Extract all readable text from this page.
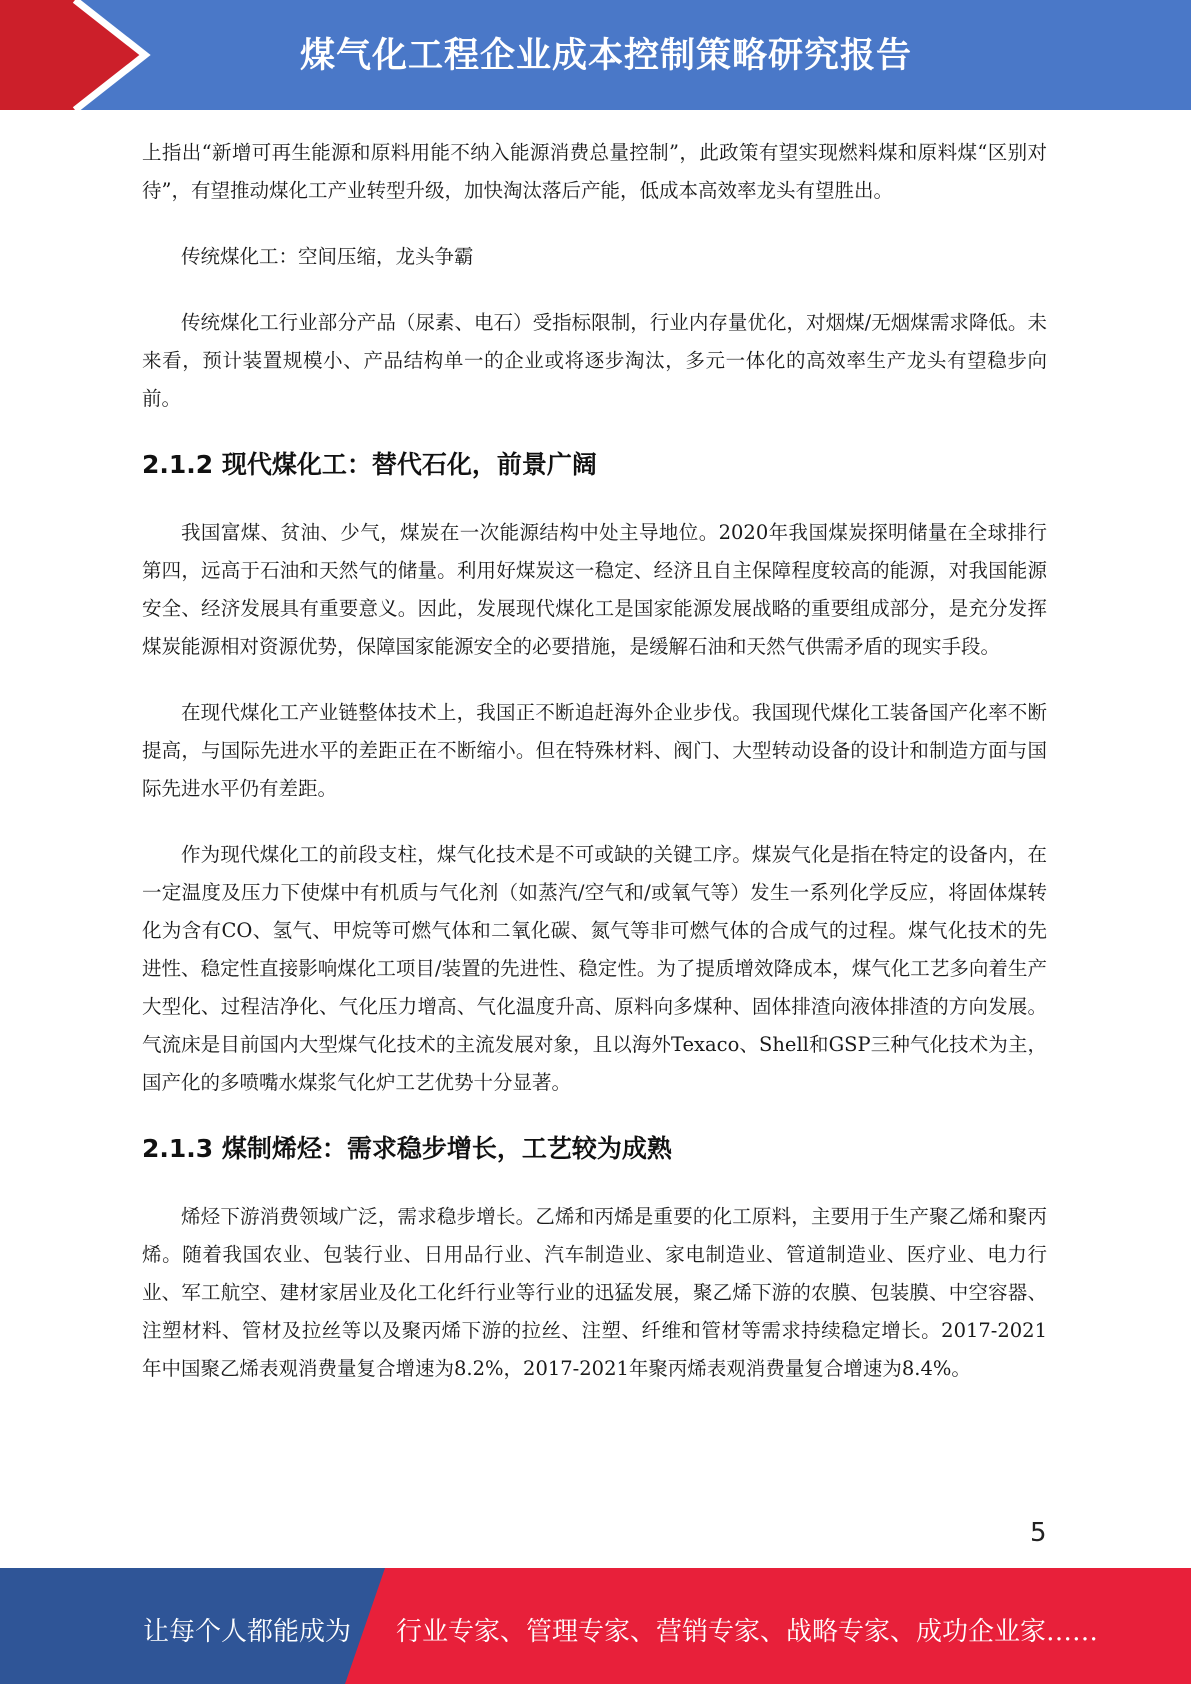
煤气化工程企业成本控制策略研究报告

上指出“新增可再生能源和原料用能不纳入能源消费总量控制”，此政策有望实现燃料煤和原料煤“区别对待”，有望推动煤化工产业转型升级，加快淘汰落后产能，低成本高效率龙头有望胜出。

传统煤化工：空间压缩，龙头争霸

传统煤化工行业部分产品（尿素、电石）受指标限制，行业内存量优化，对烟煤/无烟煤需求降低。未来看，预计装置规模小、产品结构单一的企业或将逐步淘汰，多元一体化的高效率生产龙头有望稳步向前。

2.1.2 现代煤化工：替代石化，前景广阔

我国富煤、贫油、少气，煤炭在一次能源结构中处主导地位。2020年我国煤炭探明储量在全球排行第四，远高于石油和天然气的储量。利用好煤炭这一稳定、经济且自主保障程度较高的能源，对我国能源安全、经济发展具有重要意义。因此，发展现代煤化工是国家能源发展战略的重要组成部分，是充分发挥煤炭能源相对资源优势，保障国家能源安全的必要措施，是缓解石油和天然气供需矛盾的现实手段。

在现代煤化工产业链整体技术上，我国正不断追赶海外企业步伐。我国现代煤化工装备国产化率不断提高，与国际先进水平的差距正在不断缩小。但在特殊材料、阀门、大型转动设备的设计和制造方面与国际先进水平仍有差距。

作为现代煤化工的前段支柱，煤气化技术是不可或缺的关键工序。煤炭气化是指在特定的设备内，在一定温度及压力下使煤中有机质与气化剂（如蒸汽/空气和/或氧气等）发生一系列化学反应，将固体煤转化为含有CO、氢气、甲烷等可燃气体和二氧化碳、氮气等非可燃气体的合成气的过程。煤气化技术的先进性、稳定性直接影响煤化工项目/装置的先进性、稳定性。为了提质增效降成本，煤气化工艺多向着生产大型化、过程洁净化、气化压力增高、气化温度升高、原料向多煤种、固体排渣向液体排渣的方向发展。气流床是目前国内大型煤气化技术的主流发展对象，且以海外Texaco、Shell和GSP三种气化技术为主，国产化的多喷嘴水煤浆气化炉工艺优势十分显著。

2.1.3 煤制烯烃：需求稳步增长，工艺较为成熟

烯烃下游消费领域广泛，需求稳步增长。乙烯和丙烯是重要的化工原料，主要用于生产聚乙烯和聚丙烯。随着我国农业、包装行业、日用品行业、汽车制造业、家电制造业、管道制造业、医疗业、电力行业、军工航空、建材家居业及化工化纤行业等行业的迅猛发展，聚乙烯下游的农膜、包装膜、中空容器、注塑材料、管材及拉丝等以及聚丙烯下游的拉丝、注塑、纤维和管材等需求持续稳定增长。2017-2021年中国聚乙烯表观消费量复合增速为8.2%，2017-2021年聚丙烯表观消费量复合增速为8.4%。

5
让每个人都能成为 行业专家、管理专家、营销专家、战略专家、成功企业家……
